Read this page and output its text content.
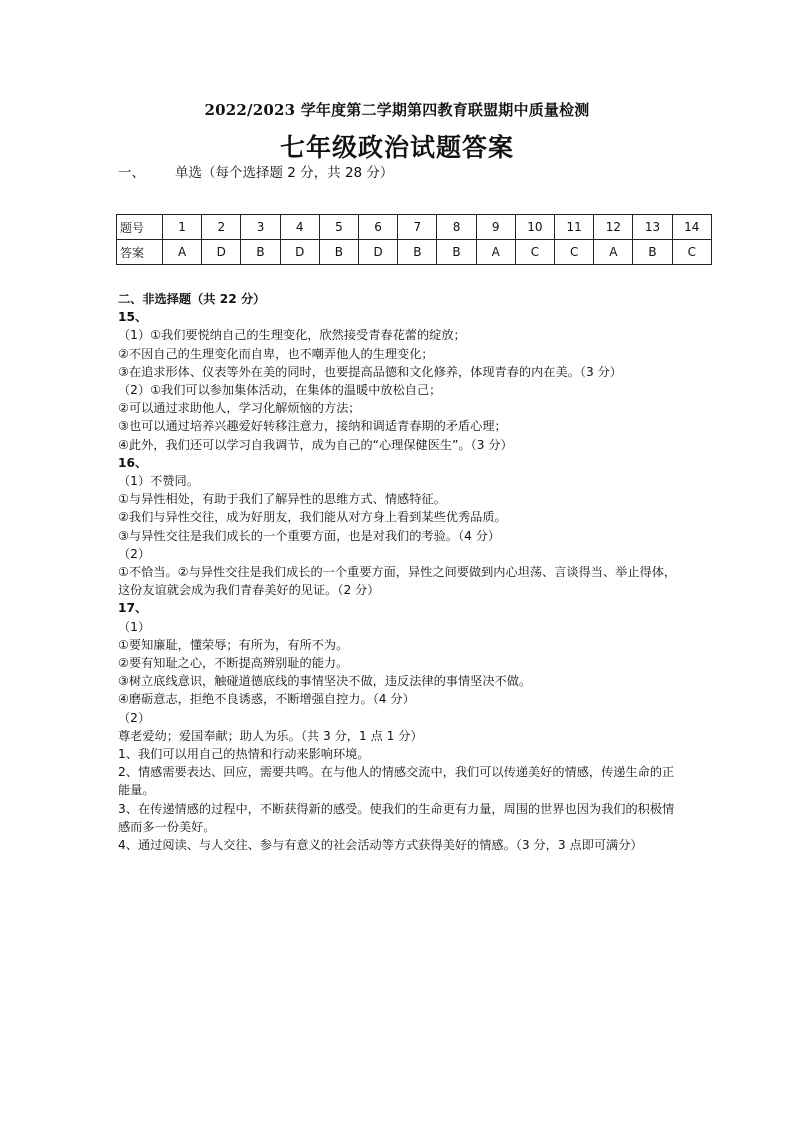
2022/2023 学年度第二学期第四教育联盟期中质量检测
七年级政治试题答案
一、 单选（每个选择题 2 分，共 28 分）
题号	1	2	3	4	5	6	7	8	9	10	11	12	13	14
答案	A	D	B	D	B	D	B	B	A	C	C	A	B	C
二、非选择题（共 22 分）
15、
（1）①我们要悦纳自己的生理变化，欣然接受青春花蕾的绽放；
②不因自己的生理变化而自卑，也不嘲弄他人的生理变化；
③在追求形体、仪表等外在美的同时，也要提高品德和文化修养，体现青春的内在美。（3 分）
（2）①我们可以参加集体活动，在集体的温暖中放松自己；
②可以通过求助他人，学习化解烦恼的方法；
③也可以通过培养兴趣爱好转移注意力，接纳和调适青春期的矛盾心理；
④此外，我们还可以学习自我调节，成为自己的“心理保健医生”。（3 分）
16、
（1）不赞同。
①与异性相处，有助于我们了解异性的思维方式、情感特征。
②我们与异性交往，成为好朋友，我们能从对方身上看到某些优秀品质。
③与异性交往是我们成长的一个重要方面，也是对我们的考验。（4 分）
（2）
①不恰当。②与异性交往是我们成长的一个重要方面，异性之间要做到内心坦荡、言谈得当、举止得体，这份友谊就会成为我们青春美好的见证。（2 分）
17、
（1）
①要知廉耻，懂荣辱；有所为，有所不为。
②要有知耻之心，不断提高辨别耻的能力。
③树立底线意识，触碰道德底线的事情坚决不做，违反法律的事情坚决不做。
④磨砺意志，拒绝不良诱惑，不断增强自控力。（4 分）
（2）
尊老爱幼；爱国奉献；助人为乐。（共 3 分，1 点 1 分）
1、我们可以用自己的热情和行动来影响环境。
2、情感需要表达、回应，需要共鸣。在与他人的情感交流中，我们可以传递美好的情感，传递生命的正能量。
3、在传递情感的过程中，不断获得新的感受。使我们的生命更有力量，周围的世界也因为我们的积极情感而多一份美好。
4、通过阅读、与人交往、参与有意义的社会活动等方式获得美好的情感。（3 分，3 点即可满分）
